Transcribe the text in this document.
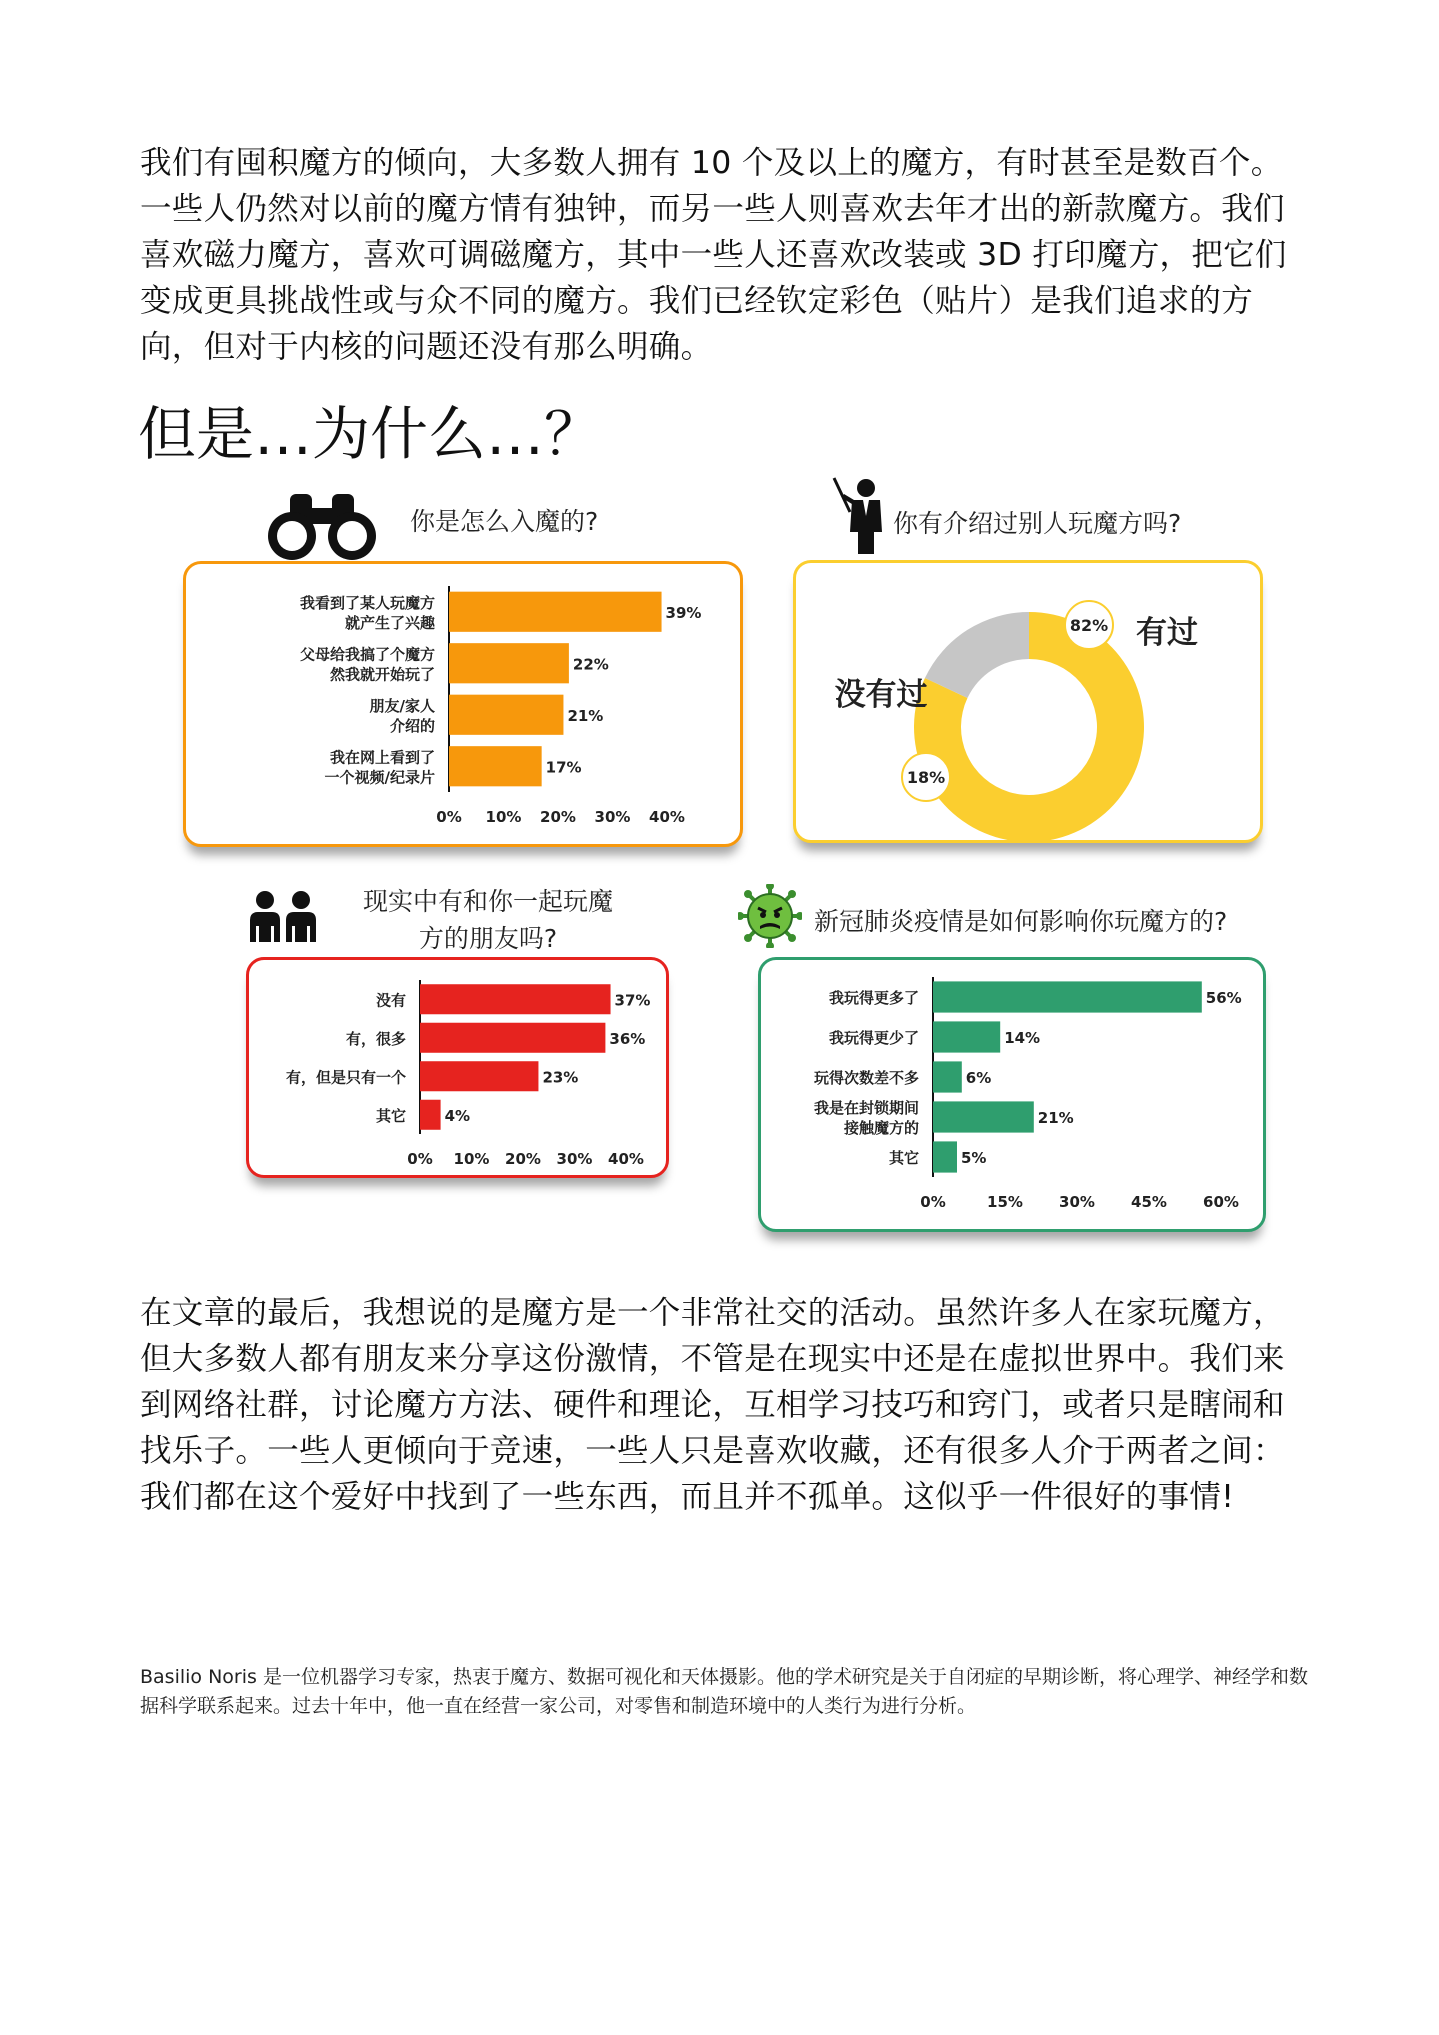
我们有囤积魔方的倾向，大多数人拥有 10 个及以上的魔方，有时甚至是数百个。一些人仍然对以前的魔方情有独钟，而另一些人则喜欢去年才出的新款魔方。我们喜欢磁力魔方，喜欢可调磁魔方，其中一些人还喜欢改装或 3D 打印魔方，把它们变成更具挑战性或与众不同的魔方。我们已经钦定彩色（贴片）是我们追求的方向，但对于内核的问题还没有那么明确。

但是…为什么…？
你是怎么入魔的?
39%
我看到了某人玩魔方
就产生了兴趣
22%
父母给我搞了个魔方
然我就开始玩了
21%
朋友/家人
介绍的
17%
我在网上看到了
一个视频/纪录片
0% 10% 20% 30% 40%
你有介绍过别人玩魔方吗?
82% 有过
18%
没有过
现实中有和你一起玩魔方的朋友吗?
37%
没有
36%
有，很多
23%
有，但是只有一个
4%
其它
0% 10% 20% 30% 40%
新冠肺炎疫情是如何影响你玩魔方的?
56%
我玩得更多了
14%
我玩得更少了
6%
玩得次数差不多
21%
我是在封锁期间
接触魔方的
5%
其它
0%	15% 30% 45% 60%

在文章的最后，我想说的是魔方是一个非常社交的活动。虽然许多人在家玩魔方，但大多数人都有朋友来分享这份激情，不管是在现实中还是在虚拟世界中。我们来到网络社群，讨论魔方方法、硬件和理论，互相学习技巧和窍门，或者只是瞎闹和找乐子。一些人更倾向于竞速，一些人只是喜欢收藏，还有很多人介于两者之间：我们都在这个爱好中找到了一些东西，而且并不孤单。这似乎一件很好的事情!

Basilio Noris 是一位机器学习专家，热衷于魔方、数据可视化和天体摄影。他的学术研究是关于自闭症的早期诊断，将心理学、神经学和数据科学联系起来。过去十年中，他一直在经营一家公司，对零售和制造环境中的人类行为进行分析。
